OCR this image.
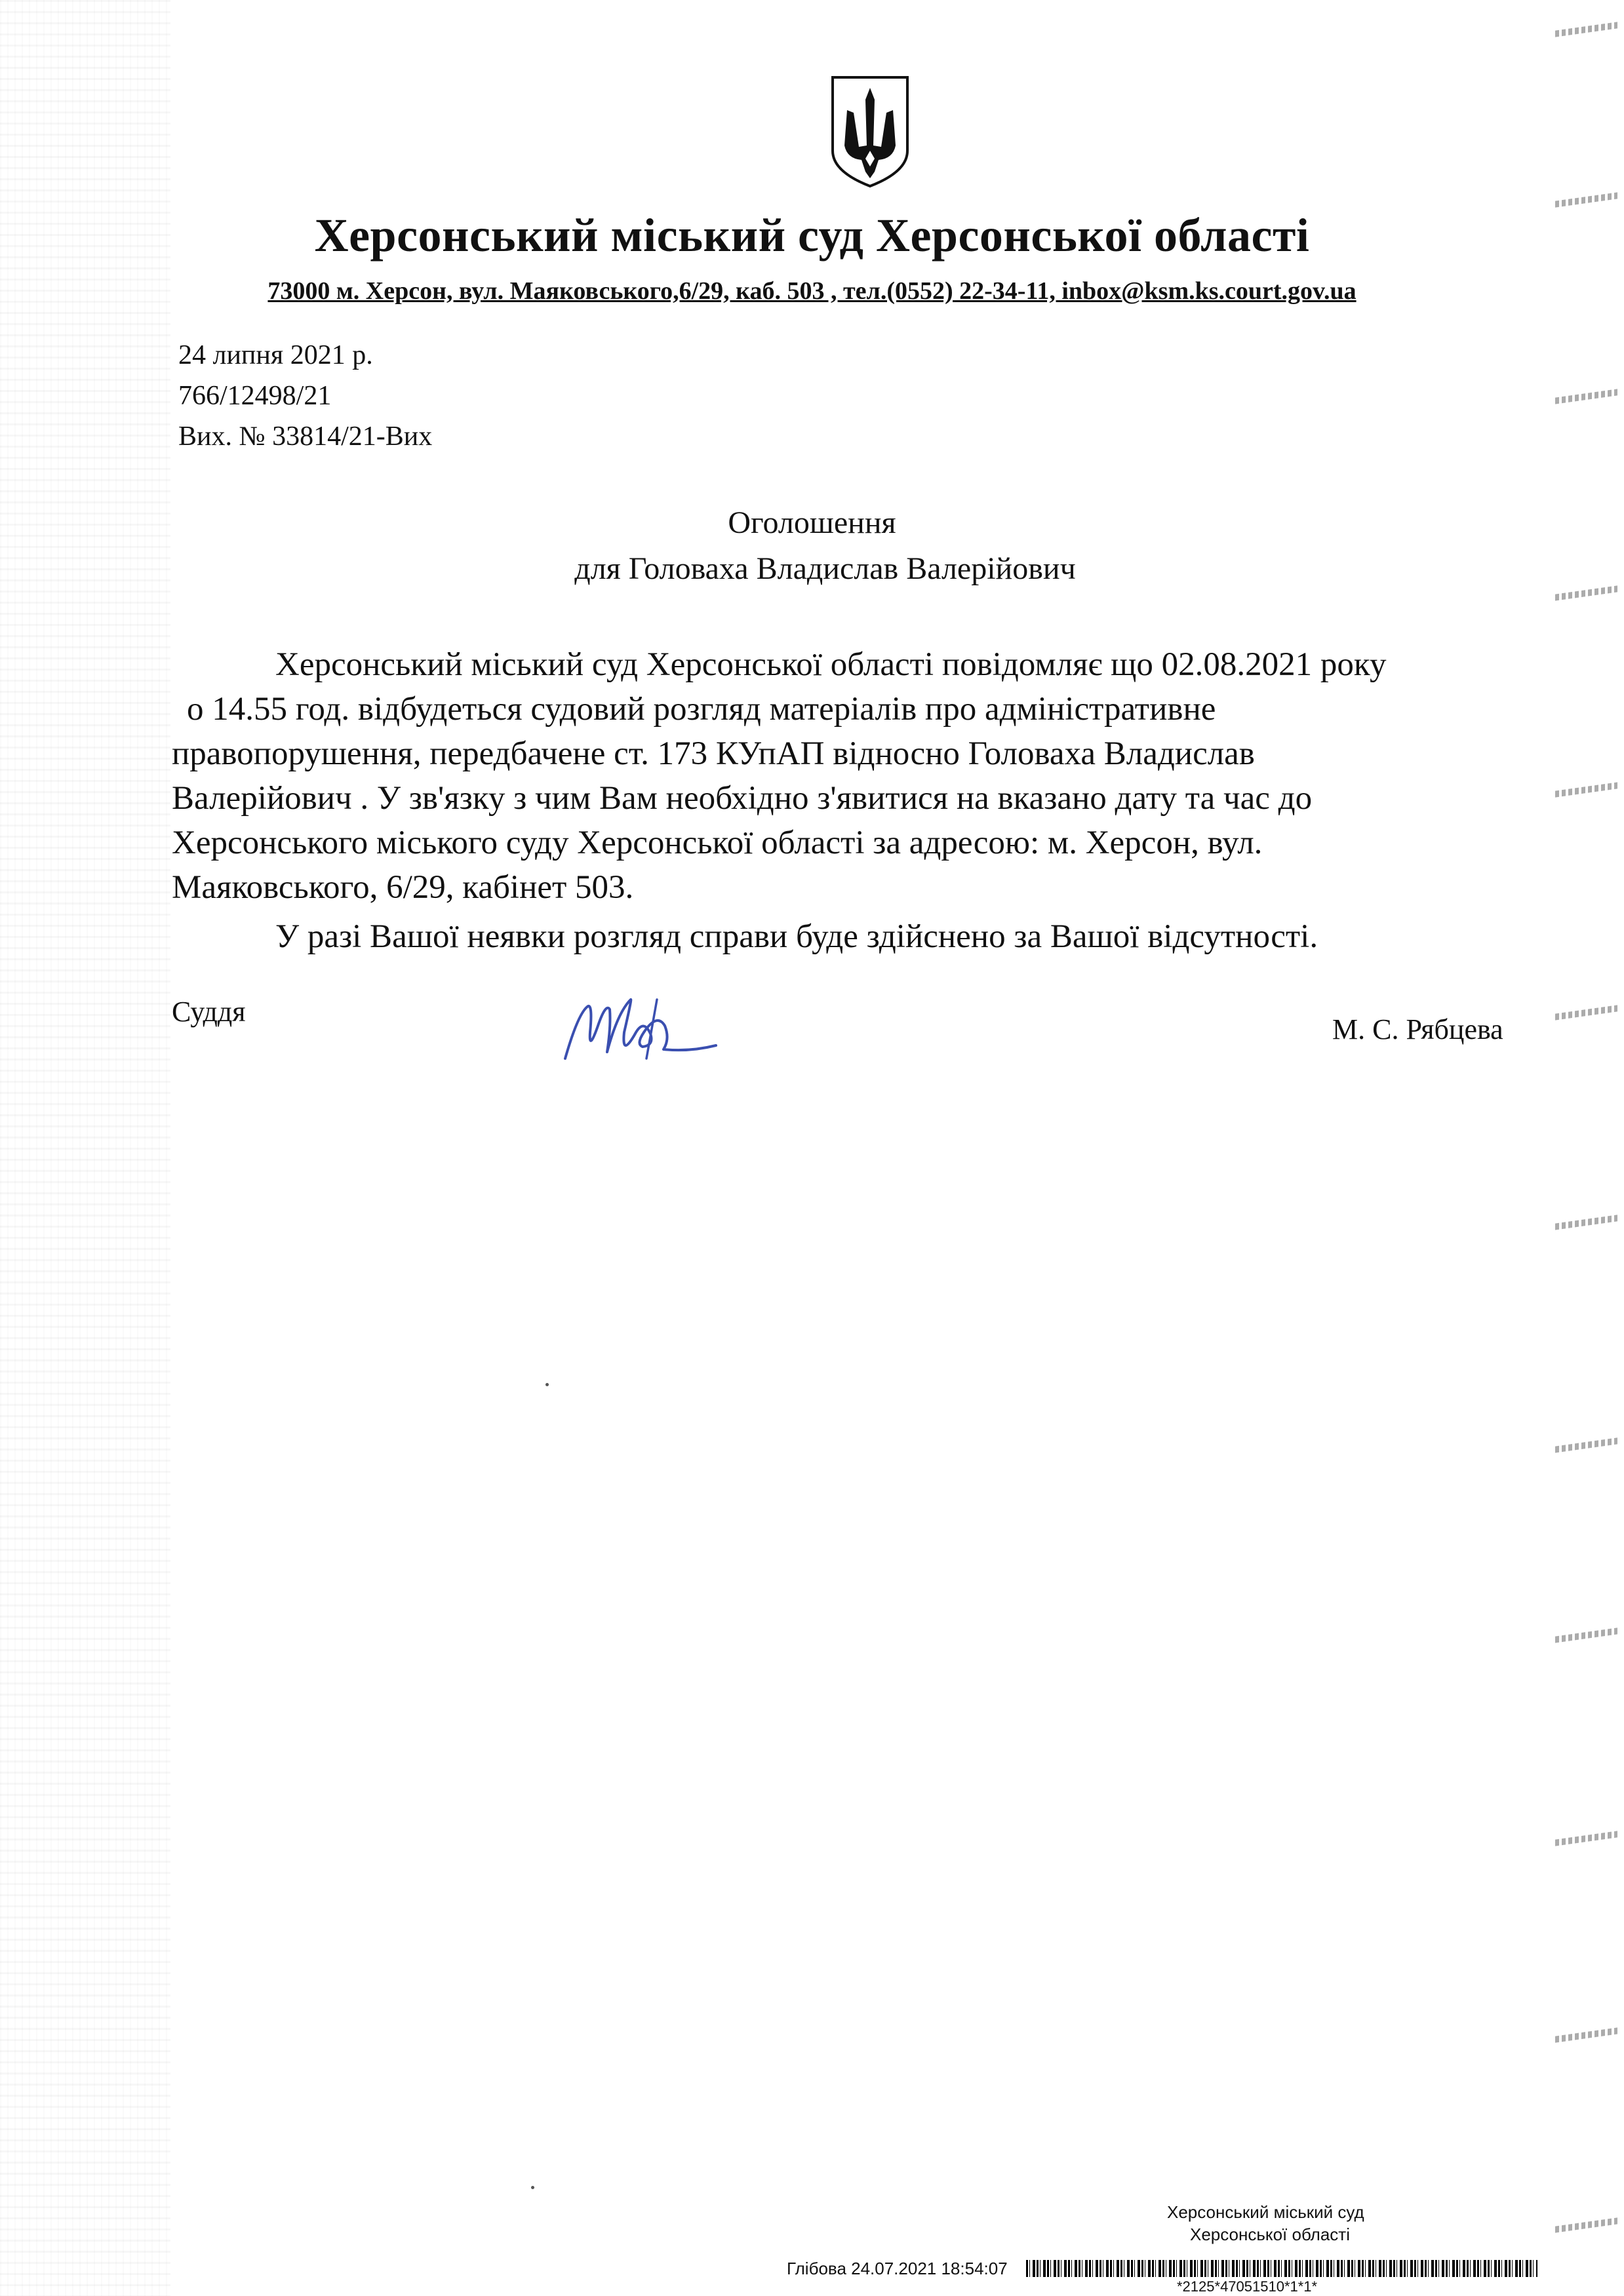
Херсонський міський суд Херсонської області
73000 м. Херсон, вул. Маяковського,6/29, каб. 503 , тел.(0552) 22-34-11, inbox@ksm.ks.court.gov.ua
24 липня 2021 р.
766/12498/21
Вих. № 33814/21-Вих
Оголошення
для Головаха Владислав Валерійович
Херсонський міський суд Херсонської області повідомляє що 02.08.2021 року
о 14.55 год. відбудеться судовий розгляд матеріалів про адміністративне
правопорушення, передбачене ст. 173 КУпАП відносно Головаха Владислав
Валерійович . У зв'язку з чим Вам необхідно з'явитися на вказано дату та час до
Херсонського міського суду Херсонської області за адресою: м. Херсон, вул.
Маяковського, 6/29, кабінет 503.
У разі Вашої неявки розгляд справи буде здійснено за Вашої відсутності.
Суддя
М. С. Рябцева
Херсонський міський суд
Херсонської області
Глібова 24.07.2021 18:54:07
*2125*47051510*1*1*
